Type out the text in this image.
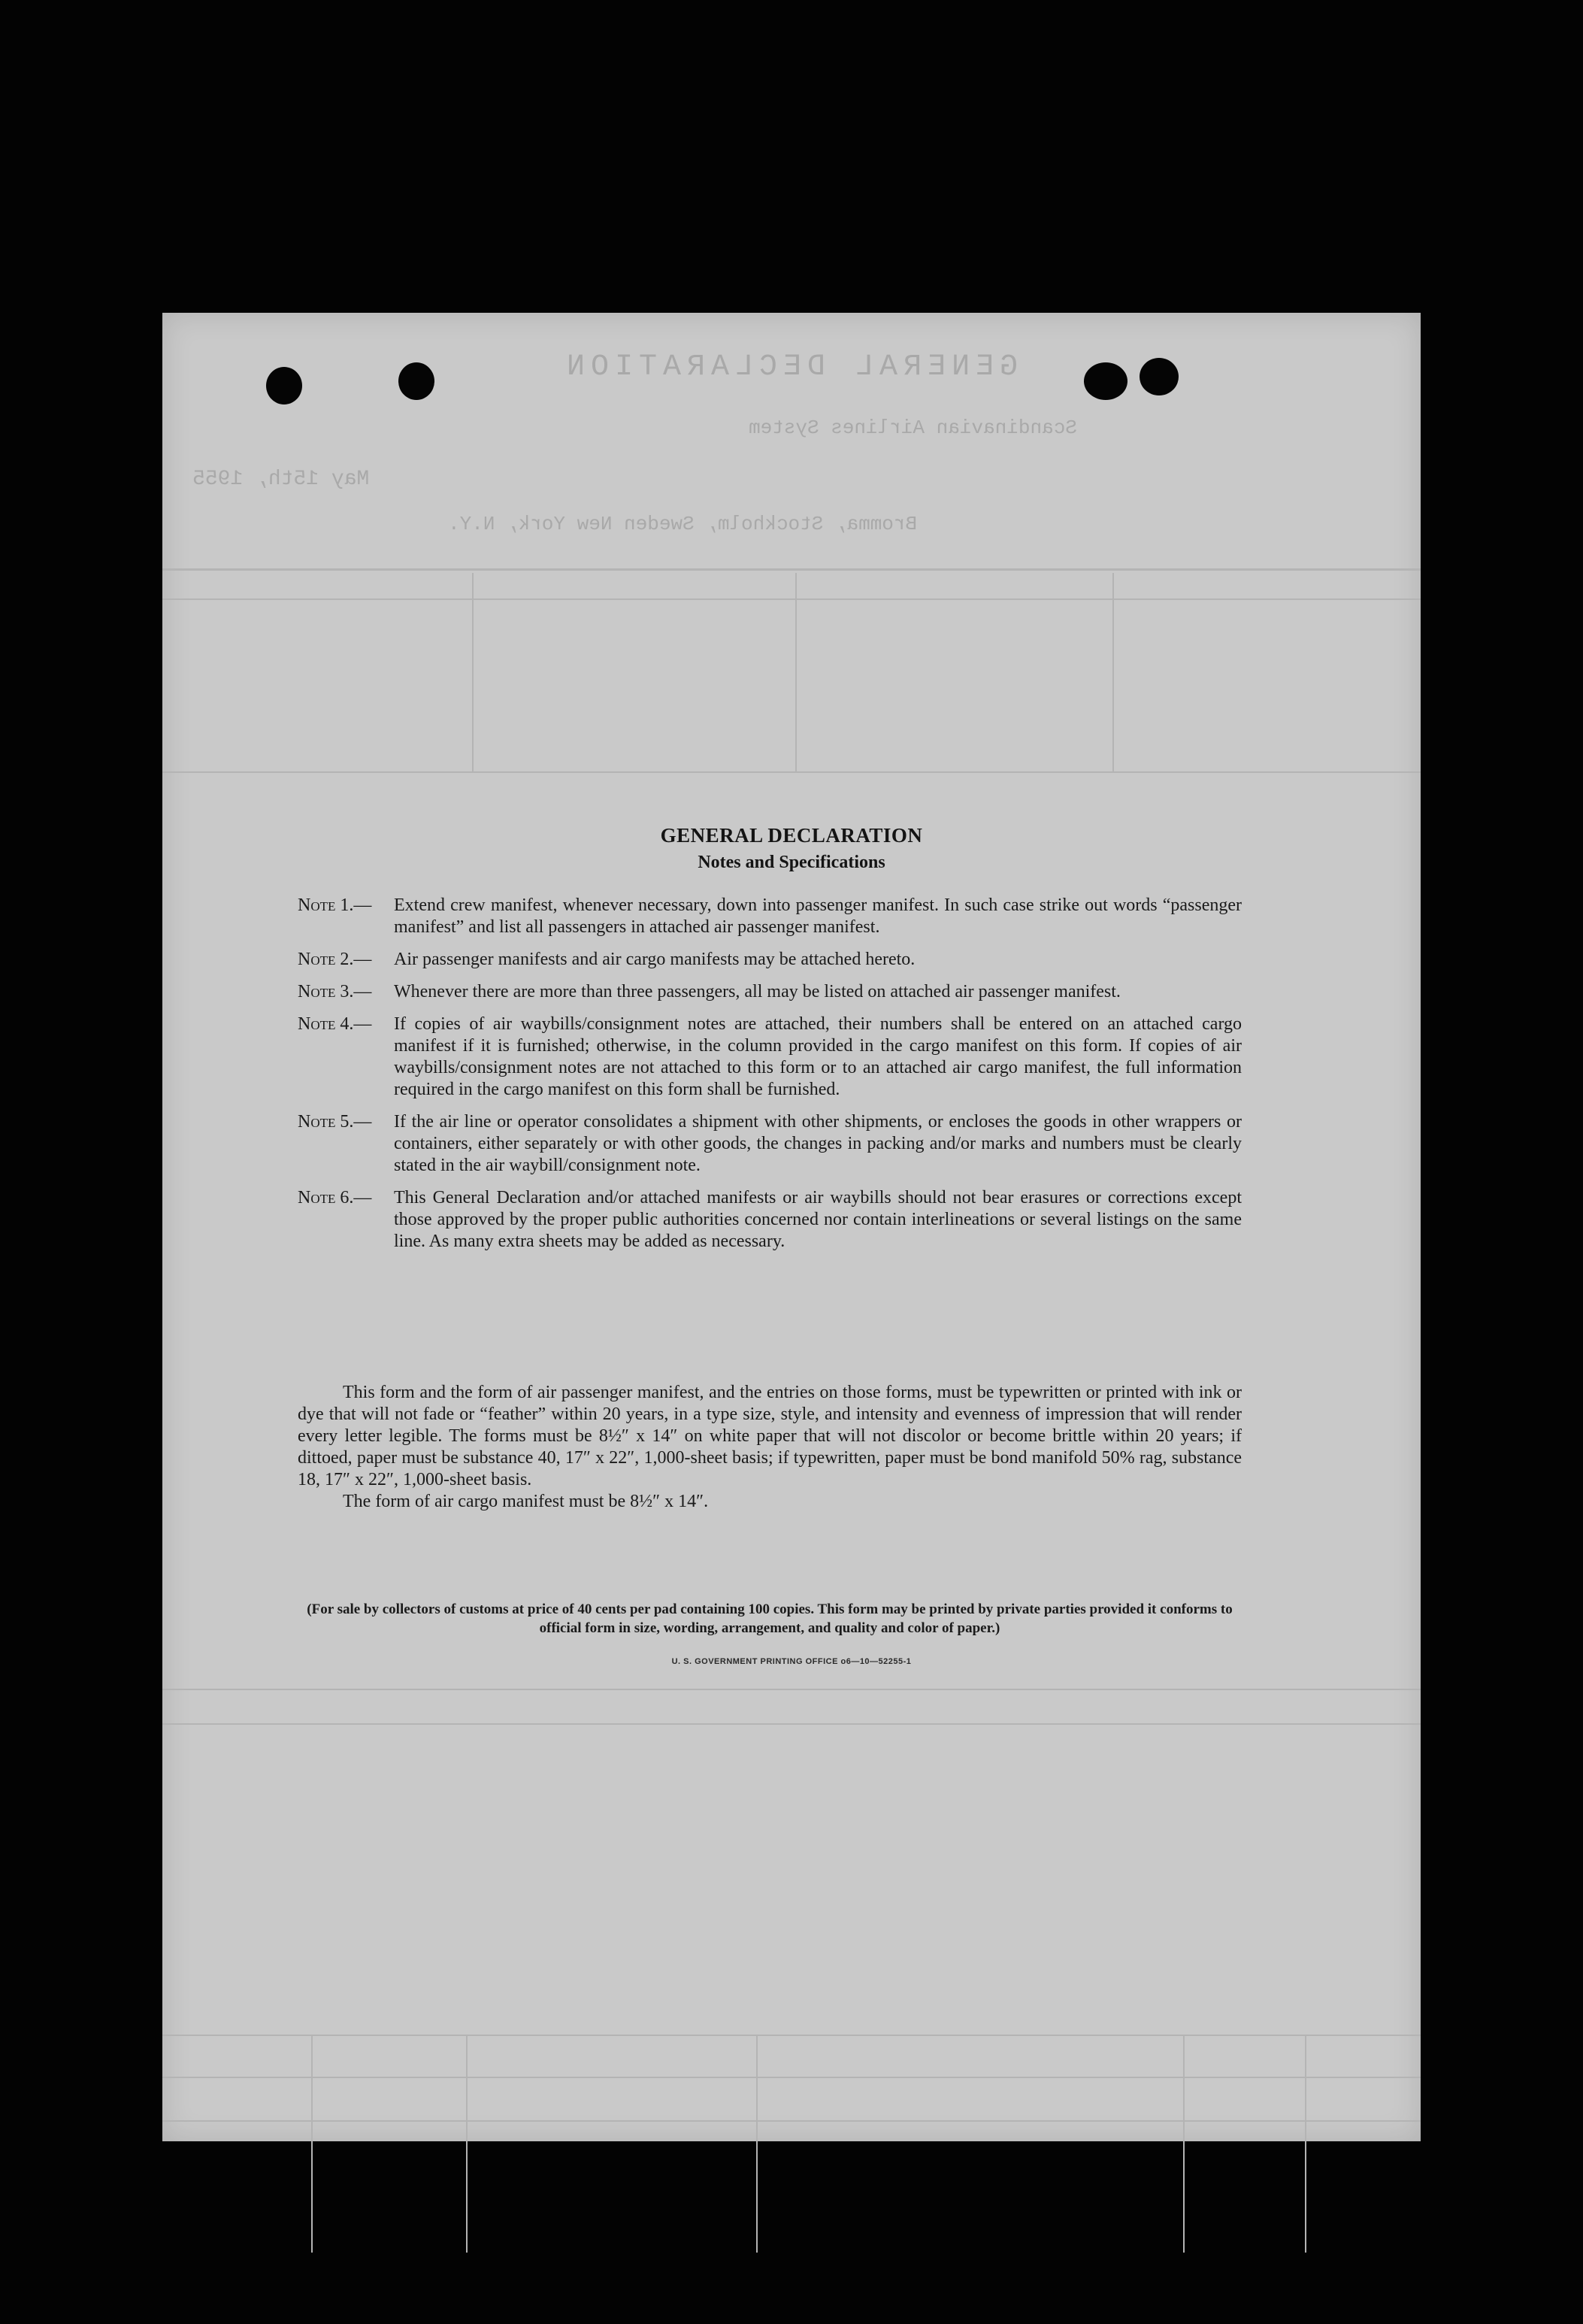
GENERAL DECLARATION
Scandinavian Airlines System
May 15th, 1955
Bromma, Stockholm, Sweden New York, N.Y.
GENERAL DECLARATION
Notes and Specifications
Note 1.—	Extend crew manifest, whenever necessary, down into passenger manifest. In such case strike out words “passenger manifest” and list all passengers in attached air passenger manifest.
Note 2.—	Air passenger manifests and air cargo manifests may be attached hereto.
Note 3.—	Whenever there are more than three passengers, all may be listed on attached air passenger manifest.
Note 4.—	If copies of air waybills/consignment notes are attached, their numbers shall be entered on an attached cargo manifest if it is furnished; otherwise, in the column provided in the cargo manifest on this form. If copies of air waybills/consignment notes are not attached to this form or to an attached air cargo manifest, the full information required in the cargo manifest on this form shall be furnished.
Note 5.—	If the air line or operator consolidates a shipment with other shipments, or encloses the goods in other wrappers or containers, either separately or with other goods, the changes in packing and/or marks and numbers must be clearly stated in the air waybill/consignment note.
Note 6.—	This General Declaration and/or attached manifests or air waybills should not bear erasures or corrections except those approved by the proper public authorities concerned nor contain interlineations or several listings on the same line. As many extra sheets may be added as necessary.

This form and the form of air passenger manifest, and the entries on those forms, must be typewritten or printed with ink or dye that will not fade or “feather” within 20 years, in a type size, style, and intensity and evenness of impression that will render every letter legible. The forms must be 8½″ x 14″ on white paper that will not discolor or become brittle within 20 years; if dittoed, paper must be substance 40, 17″ x 22″, 1,000-sheet basis; if typewritten, paper must be bond manifold 50% rag, substance 18, 17″ x 22″, 1,000-sheet basis.

The form of air cargo manifest must be 8½″ x 14″.

(For sale by collectors of customs at price of 40 cents per pad containing 100 copies. This form may be printed by private parties provided it conforms to official form in size, wording, arrangement, and quality and color of paper.)
U. S. GOVERNMENT PRINTING OFFICE o6—10—52255-1
